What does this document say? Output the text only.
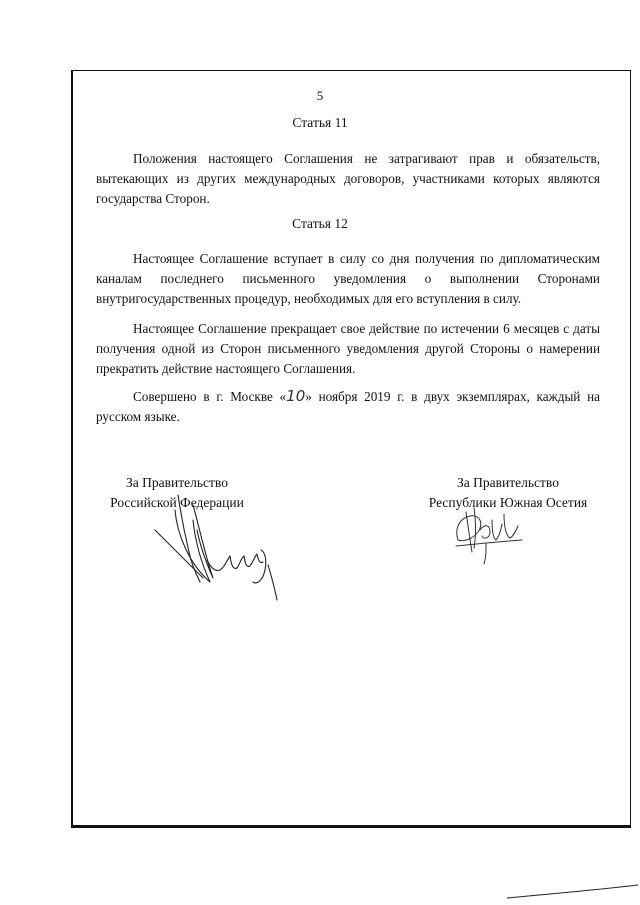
5
Статья 11
Положения настоящего Соглашения не затрагивают прав и обязательств, вытекающих из других международных договоров, участниками которых являются государства Сторон.
Статья 12
Настоящее Соглашение вступает в силу со дня получения по дипломатическим каналам последнего письменного уведомления о выполнении Сторонами внутригосударственных процедур, необходимых для его вступления в силу.
Настоящее Соглашение прекращает свое действие по истечении 6 месяцев с даты получения одной из Сторон письменного уведомления другой Стороны о намерении прекратить действие настоящего Соглашения.
Совершено в г. Москве «10» ноября 2019 г. в двух экземплярах, каждый на русском языке.
За Правительство
Российской Федерации
За Правительство
Республики Южная Осетия
